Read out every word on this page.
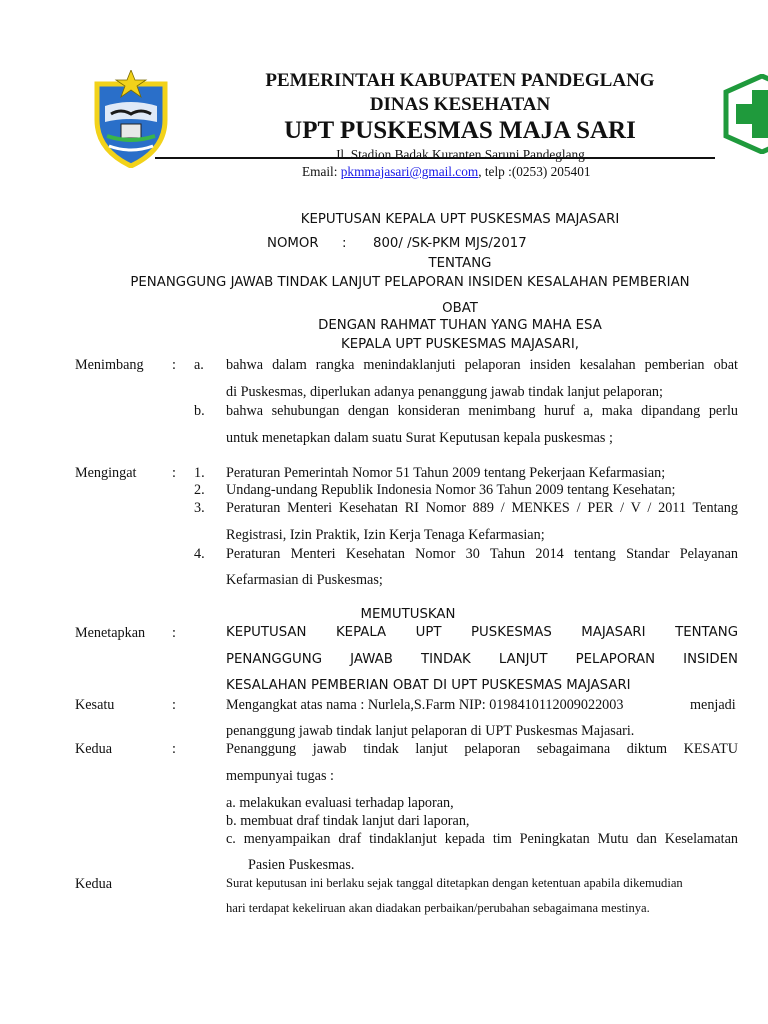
PEMERINTAH KABUPATEN PANDEGLANG
DINAS KESEHATAN
UPT PUSKESMAS MAJA SARI
Jl. Stadion Badak Kuranten Saruni Pandeglang
Email: pkmmajasari@gmail.com, telp :(0253) 205401
KEPUTUSAN KEPALA UPT PUSKESMAS MAJASARI
NOMOR : 800/ /SK-PKM MJS/2017
TENTANG
PENANGGUNG JAWAB TINDAK LANJUT PELAPORAN INSIDEN KESALAHAN PEMBERIAN
OBAT
DENGAN RAHMAT TUHAN YANG MAHA ESA
KEPALA UPT PUSKESMAS MAJASARI,
Menimbang : a. bahwa dalam rangka menindaklanjuti pelaporan insiden kesalahan pemberian obat
di Puskesmas, diperlukan adanya penanggung jawab tindak lanjut pelaporan;
b. bahwa sehubungan dengan konsideran menimbang huruf a, maka dipandang perlu
untuk menetapkan dalam suatu Surat Keputusan kepala puskesmas ;
Mengingat	: 1. Peraturan Pemerintah Nomor 51 Tahun 2009 tentang Pekerjaan Kefarmasian;
2. Undang-undang Republik Indonesia Nomor 36 Tahun 2009 tentang Kesehatan;
3. Peraturan Menteri Kesehatan RI Nomor 889 / MENKES / PER / V / 2011 Tentang
Registrasi, Izin Praktik, Izin Kerja Tenaga Kefarmasian;
4. Peraturan Menteri Kesehatan Nomor 30 Tahun 2014 tentang Standar Pelayanan
Kefarmasian di Puskesmas;
MEMUTUSKAN
Menetapkan :	KEPUTUSAN KEPALA UPT PUSKESMAS MAJASARI TENTANG
PENANGGUNG JAWAB TINDAK LANJUT PELAPORAN INSIDEN
KESALAHAN PEMBERIAN OBAT DI UPT PUSKESMAS MAJASARI
Kesatu	:	Mengangkat atas nama : Nurlela,S.Farm NIP: 0198410112009022003	menjadi
penanggung jawab tindak lanjut pelaporan di UPT Puskesmas Majasari.
Kedua	:	Penanggung jawab tindak lanjut pelaporan sebagaimana diktum KESATU
mempunyai tugas :
a. melakukan evaluasi terhadap laporan,
b. membuat draf tindak lanjut dari laporan,
c. menyampaikan draf tindaklanjut kepada tim Peningkatan Mutu dan Keselamatan
Pasien Puskesmas.
Kedua	Surat keputusan ini berlaku sejak tanggal ditetapkan dengan ketentuan apabila dikemudian
hari terdapat kekeliruan akan diadakan perbaikan/perubahan sebagaimana mestinya.
